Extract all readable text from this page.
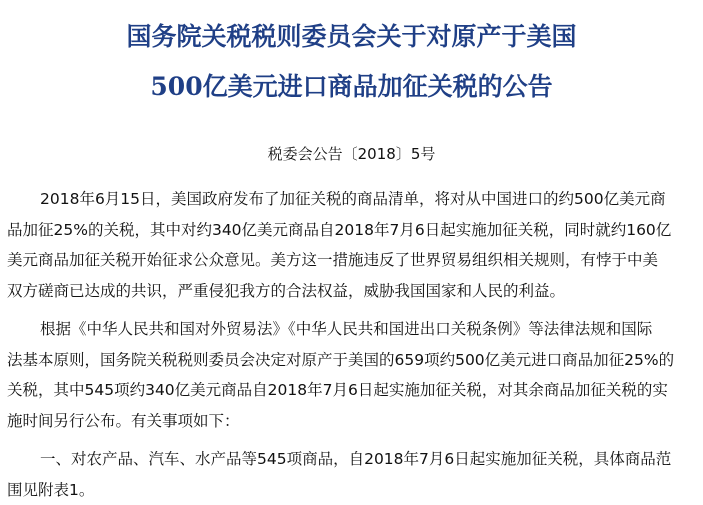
国务院关税税则委员会关于对原产于美国
500亿美元进口商品加征关税的公告
税委会公告〔2018〕5号
2018年6月15日，美国政府发布了加征关税的商品清单，将对从中国进口的约500亿美元商
品加征25%的关税，其中对约340亿美元商品自2018年7月6日起实施加征关税，同时就约160亿
美元商品加征关税开始征求公众意见。美方这一措施违反了世界贸易组织相关规则，有悖于中美
双方磋商已达成的共识，严重侵犯我方的合法权益，威胁我国国家和人民的利益。
根据《中华人民共和国对外贸易法》《中华人民共和国进出口关税条例》等法律法规和国际
法基本原则，国务院关税税则委员会决定对原产于美国的659项约500亿美元进口商品加征25%的
关税，其中545项约340亿美元商品自2018年7月6日起实施加征关税，对其余商品加征关税的实
施时间另行公布。有关事项如下：
一、对农产品、汽车、水产品等545项商品，自2018年7月6日起实施加征关税，具体商品范
围见附表1。
